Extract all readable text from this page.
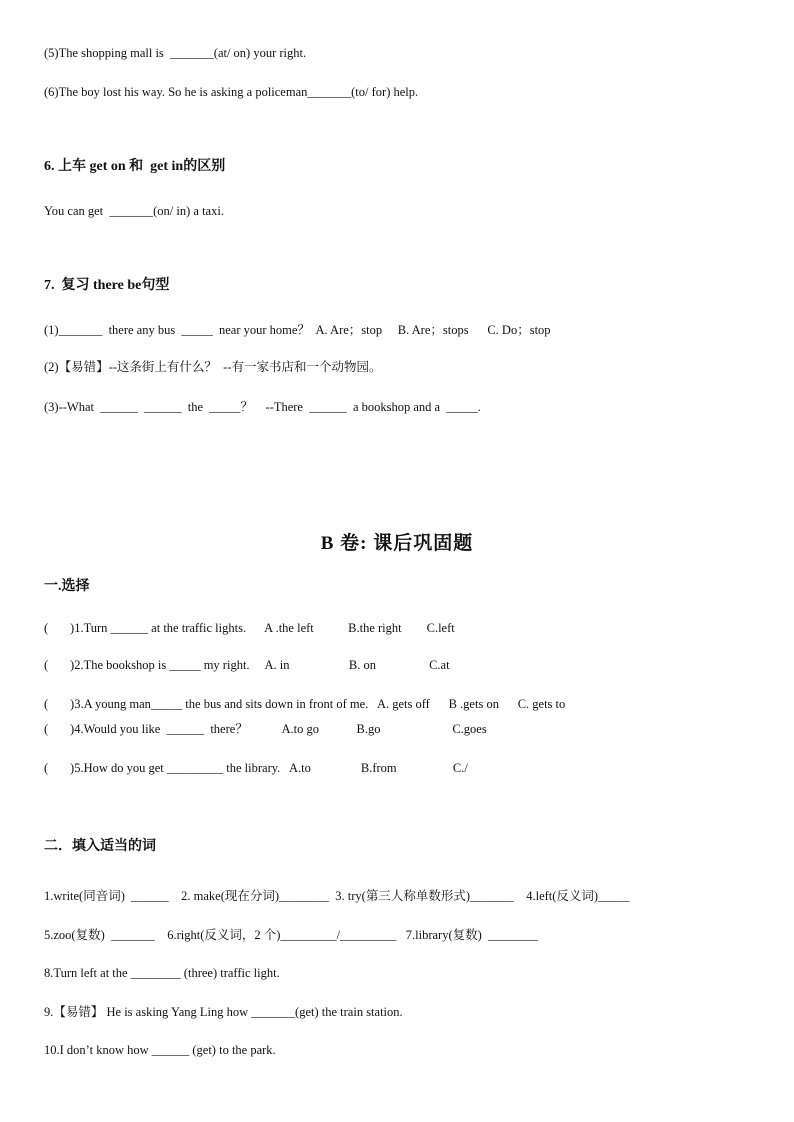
(5)The shopping mall is  _______(at/ on) your right.
(6)The boy lost his way. So he is asking a policeman_______(to/ for) help.
6. 上车 get on 和  get in的区别
You can get  _______(on/ in) a taxi.
7.  复习 there be句型
(1)_______  there any bus  _____  near your home？  A. Are；stop     B. Are；stops      C. Do；stop
(2)【易错】--这条街上有什么？  --有一家书店和一个动物园。
(3)--What  ______  ______  the  _____？    --There  ______  a bookshop and a  _____.
B 卷: 课后巩固题
一.选择
(       )1.Turn ______ at the traffic lights.      A .the left           B.the right        C.left
(       )2.The bookshop is _____ my right.     A. in                   B. on                 C.at
(       )3.A young man_____ the bus and sits down in front of me.   A. gets off      B .gets on      C. gets to
(       )4.Would you like  ______  there？           A.to go            B.go                       C.goes
(       )5.How do you get _________ the library.   A.to                B.from                  C./
二．填入适当的词
1.write(同音词)  ______    2. make(现在分词)________  3. try(第三人称单数形式)_______    4.left(反义词)_____
5.zoo(复数)  _______    6.right(反义词，2 个)_________/_________   7.library(复数)  ________
8.Turn left at the ________ (three) traffic light.
9.【易错】 He is asking Yang Ling how _______(get) the train station.
10.I don’t know how ______ (get) to the park.
